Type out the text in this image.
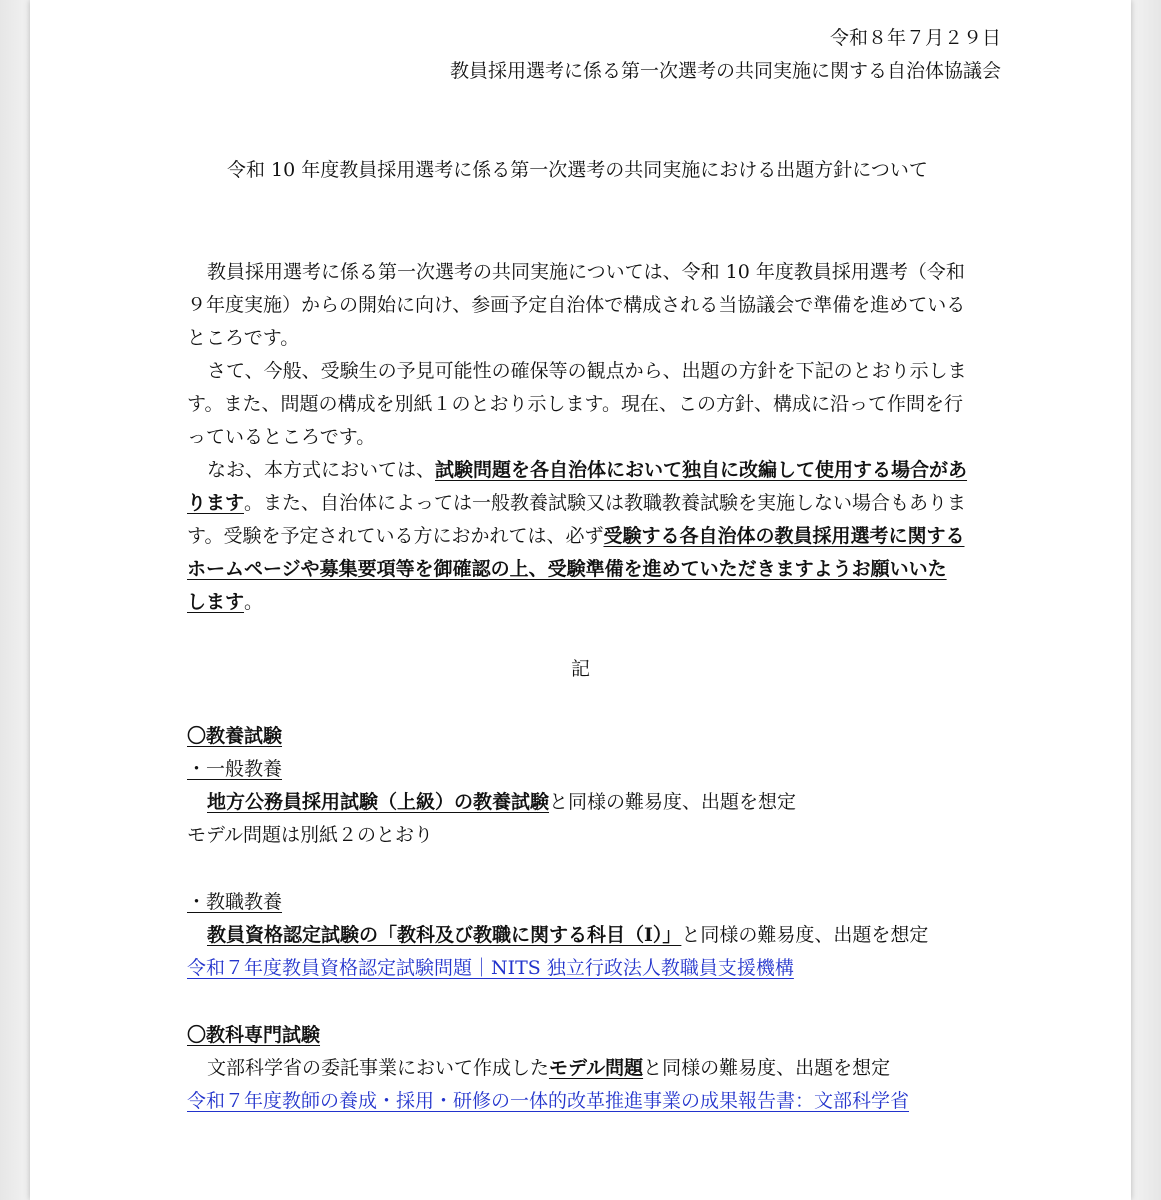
令和８年７月２９日
教員採用選考に係る第一次選考の共同実施に関する自治体協議会
令和 10 年度教員採用選考に係る第一次選考の共同実施における出題方針について
教員採用選考に係る第一次選考の共同実施については、令和 10 年度教員採用選考（令和
９年度実施）からの開始に向け、参画予定自治体で構成される当協議会で準備を進めている
ところです。
さて、今般、受験生の予見可能性の確保等の観点から、出題の方針を下記のとおり示しま
す。また、問題の構成を別紙１のとおり示します。現在、この方針、構成に沿って作問を行
っているところです。
なお、本方式においては、試験問題を各自治体において独自に改編して使用する場合があ
ります。また、自治体によっては一般教養試験又は教職教養試験を実施しない場合もありま
す。受験を予定されている方におかれては、必ず受験する各自治体の教員採用選考に関する
ホームページや募集要項等を御確認の上、受験準備を進めていただきますようお願いいた
します。
記
〇教養試験
・一般教養
地方公務員採用試験（上級）の教養試験と同様の難易度、出題を想定
モデル問題は別紙２のとおり
・教職教養
教員資格認定試験の「教科及び教職に関する科目（Ⅰ）」と同様の難易度、出題を想定
令和７年度教員資格認定試験問題｜NITS 独立行政法人教職員支援機構
〇教科専門試験
文部科学省の委託事業において作成したモデル問題と同様の難易度、出題を想定
令和７年度教師の養成・採用・研修の一体的改革推進事業の成果報告書：文部科学省
